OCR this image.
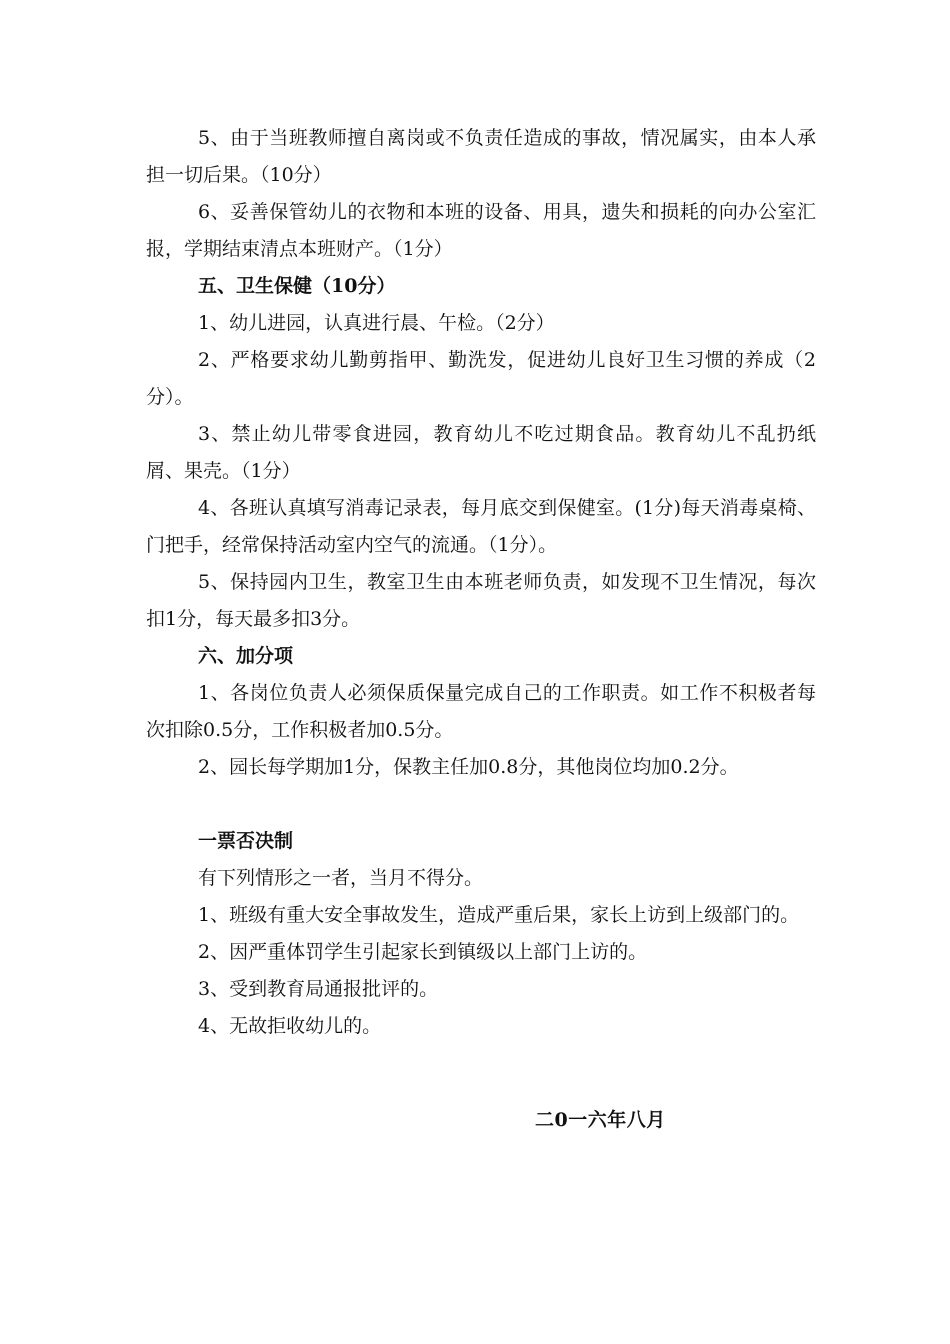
5、由于当班教师擅自离岗或不负责任造成的事故，情况属实，由本人承担一切后果。（10分）

6、妥善保管幼儿的衣物和本班的设备、用具，遗失和损耗的向办公室汇报，学期结束清点本班财产。（1分）

五、卫生保健（10分）

1、幼儿进园，认真进行晨、午检。（2分）

2、严格要求幼儿勤剪指甲、勤洗发，促进幼儿良好卫生习惯的养成（2分）。

3、禁止幼儿带零食进园，教育幼儿不吃过期食品。教育幼儿不乱扔纸屑、果壳。（1分）

4、各班认真填写消毒记录表，每月底交到保健室。(1分)每天消毒桌椅、门把手，经常保持活动室内空气的流通。（1分）。

5、保持园内卫生，教室卫生由本班老师负责，如发现不卫生情况，每次扣1分，每天最多扣3分。

六、加分项

1、各岗位负责人必须保质保量完成自己的工作职责。如工作不积极者每次扣除0.5分，工作积极者加0.5分。

2、园长每学期加1分，保教主任加0.8分，其他岗位均加0.2分。

一票否决制

有下列情形之一者，当月不得分。

1、班级有重大安全事故发生，造成严重后果，家长上访到上级部门的。

2、因严重体罚学生引起家长到镇级以上部门上访的。

3、受到教育局通报批评的。

4、无故拒收幼儿的。

二0一六年八月
